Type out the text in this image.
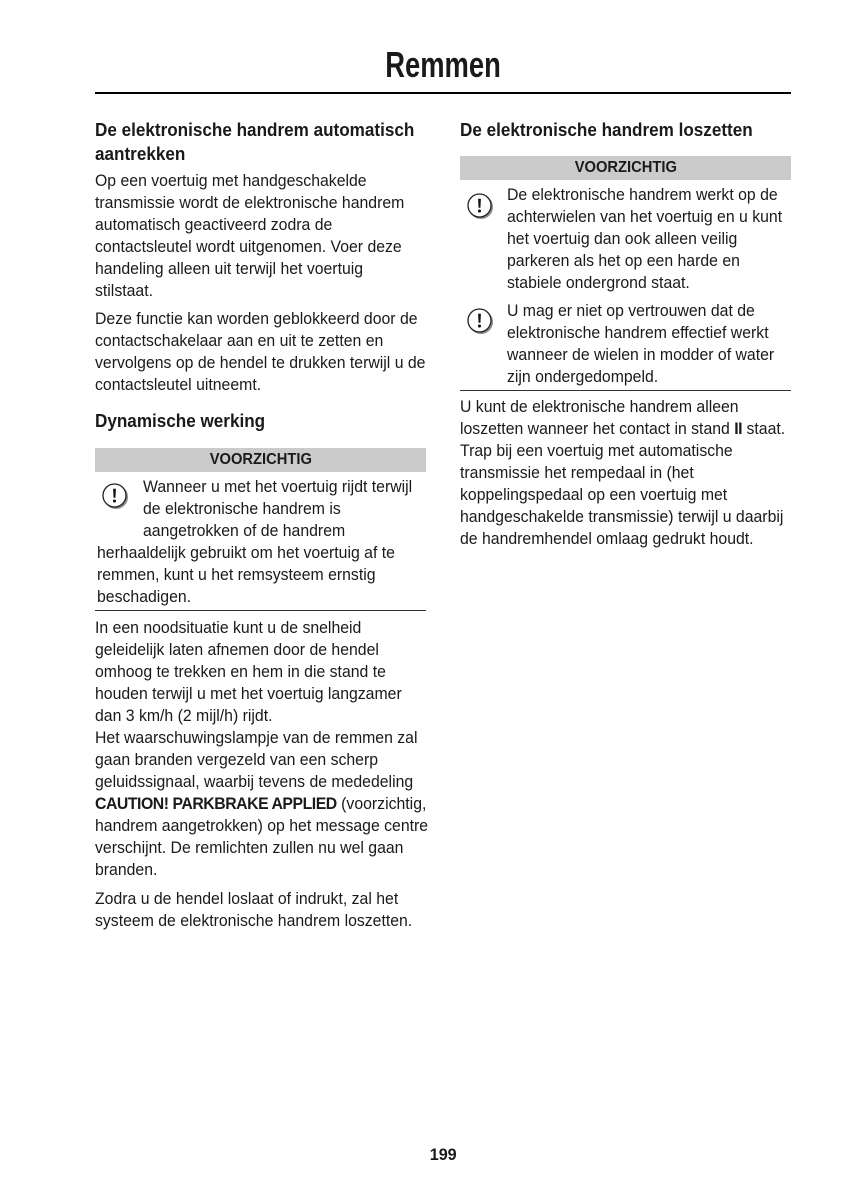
Remmen
De elektronische handrem automatisch
aantrekken
Op een voertuig met handgeschakelde
transmissie wordt de elektronische handrem
automatisch geactiveerd zodra de
contactsleutel wordt uitgenomen. Voer deze
handeling alleen uit terwijl het voertuig
stilstaat.
Deze functie kan worden geblokkeerd door de
contactschakelaar aan en uit te zetten en
vervolgens op de hendel te drukken terwijl u de
contactsleutel uitneemt.
Dynamische werking
VOORZICHTIG
Wanneer u met het voertuig rijdt terwijl
de elektronische handrem is
aangetrokken of de handrem
herhaaldelijk gebruikt om het voertuig af te
remmen, kunt u het remsysteem ernstig
beschadigen.
In een noodsituatie kunt u de snelheid
geleidelijk laten afnemen door de hendel
omhoog te trekken en hem in die stand te
houden terwijl u met het voertuig langzamer
dan 3 km/h (2 mijl/h) rijdt.
Het waarschuwingslampje van de remmen zal
gaan branden vergezeld van een scherp
geluidssignaal, waarbij tevens de mededeling
CAUTION! PARKBRAKE APPLIED (voorzichtig,
handrem aangetrokken) op het message centre
verschijnt. De remlichten zullen nu wel gaan
branden.
Zodra u de hendel loslaat of indrukt, zal het
systeem de elektronische handrem loszetten.
De elektronische handrem loszetten
VOORZICHTIG
De elektronische handrem werkt op de
achterwielen van het voertuig en u kunt
het voertuig dan ook alleen veilig
parkeren als het op een harde en
stabiele ondergrond staat.
U mag er niet op vertrouwen dat de
elektronische handrem effectief werkt
wanneer de wielen in modder of water
zijn ondergedompeld.
U kunt de elektronische handrem alleen
loszetten wanneer het contact in stand II staat.
Trap bij een voertuig met automatische
transmissie het rempedaal in (het
koppelingspedaal op een voertuig met
handgeschakelde transmissie) terwijl u daarbij
de handremhendel omlaag gedrukt houdt.
199
